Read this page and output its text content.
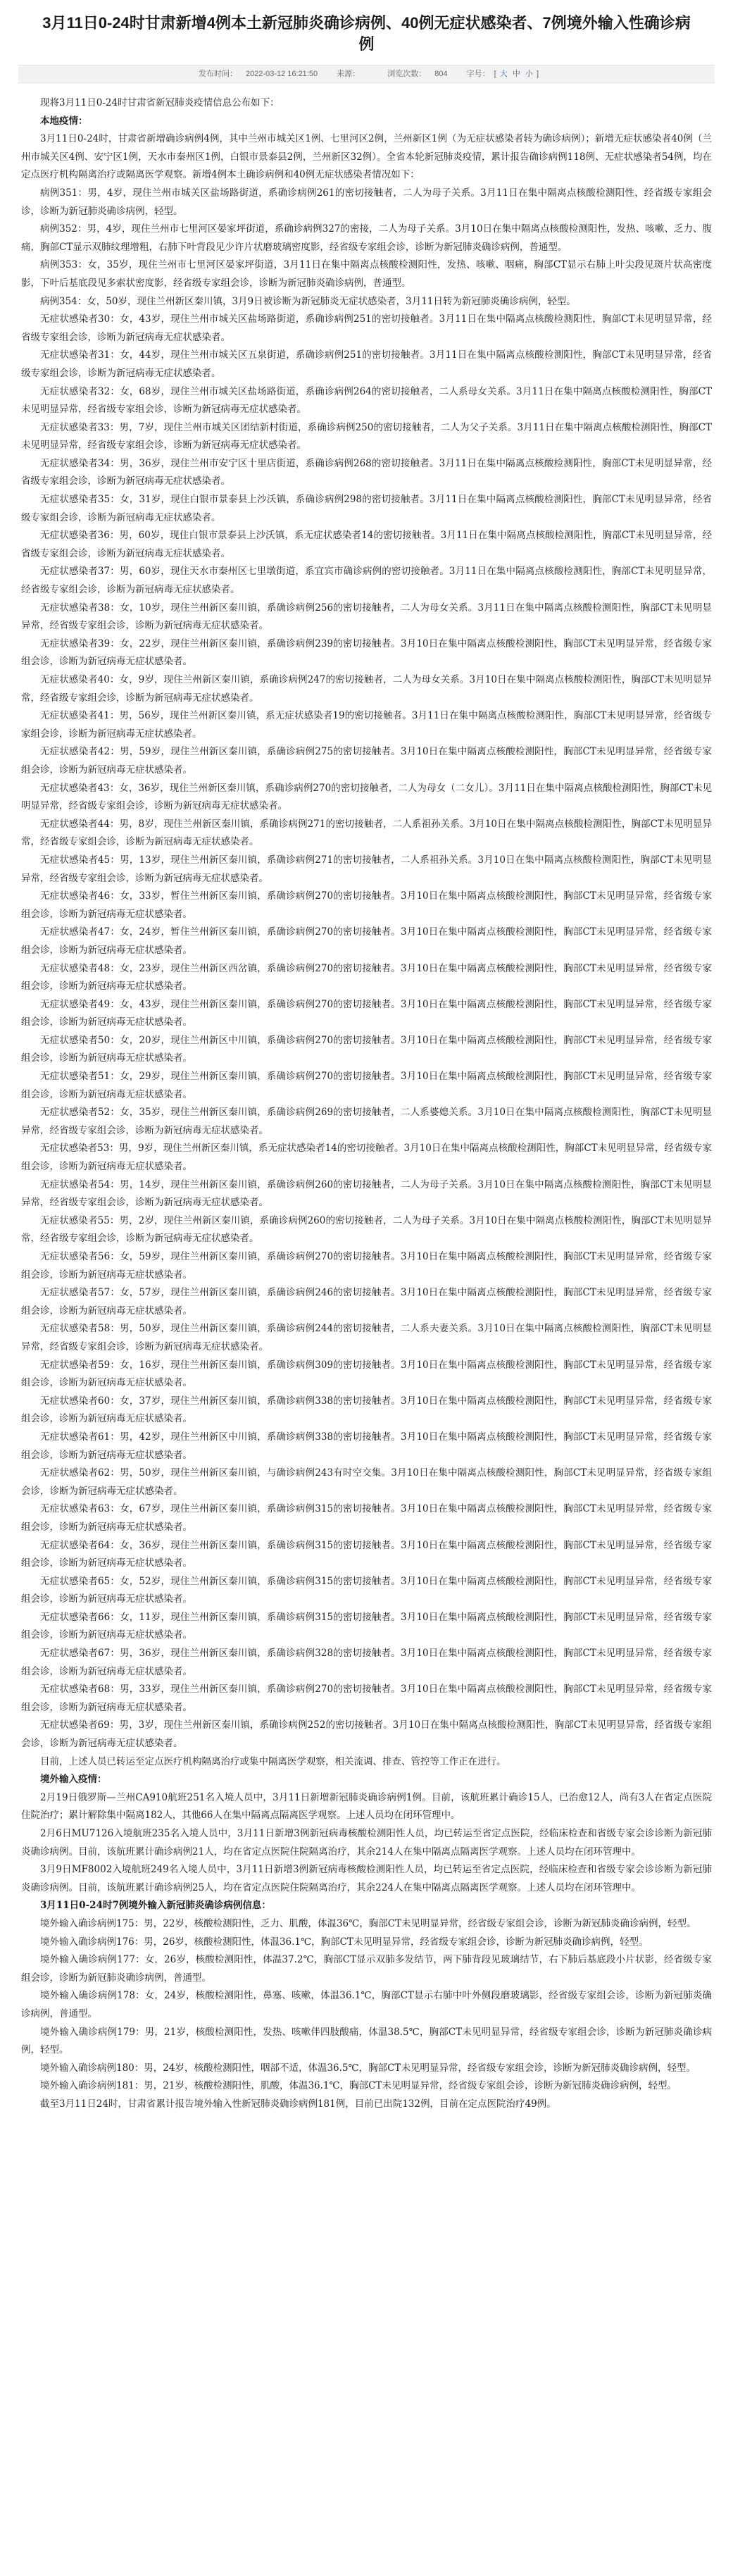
3月11日0-24时甘肃新增4例本土新冠肺炎确诊病例、40例无症状感染者、7例境外输入性确诊病例
发布时间： 2022-03-12 16:21:50 来源：	浏览次数： 804 字号： [ 大 中 小 ]

现将3月11日0-24时甘肃省新冠肺炎疫情信息公布如下：

本地疫情：

3月11日0-24时，甘肃省新增确诊病例4例，其中兰州市城关区1例、七里河区2例，兰州新区1例（为无症状感染者转为确诊病例）；新增无症状感染者40例（兰州市城关区4例、安宁区1例，天水市秦州区1例，白银市景泰县2例，兰州新区32例）。全省本轮新冠肺炎疫情，累计报告确诊病例118例、无症状感染者54例，均在定点医疗机构隔离治疗或隔离医学观察。新增4例本土确诊病例和40例无症状感染者情况如下：

病例351：男，4岁，现住兰州市城关区盐场路街道，系确诊病例261的密切接触者，二人为母子关系。3月11日在集中隔离点核酸检测阳性，经省级专家组会诊，诊断为新冠肺炎确诊病例，轻型。

病例352：男，4岁，现住兰州市七里河区晏家坪街道，系确诊病例327的密接，二人为母子关系。3月10日在集中隔离点核酸检测阳性，发热、咳嗽、乏力、腹痛，胸部CT显示双肺纹理增粗，右肺下叶背段见少许片状磨玻璃密度影，经省级专家组会诊，诊断为新冠肺炎确诊病例，普通型。

病例353：女，35岁，现住兰州市七里河区晏家坪街道，3月11日在集中隔离点核酸检测阳性，发热、咳嗽、咽痛，胸部CT显示右肺上叶尖段见斑片状高密度影，下叶后基底段见多索状密度影，经省级专家组会诊，诊断为新冠肺炎确诊病例，普通型。

病例354：女，50岁，现住兰州新区秦川镇，3月9日被诊断为新冠肺炎无症状感染者，3月11日转为新冠肺炎确诊病例，轻型。

无症状感染者30：女，43岁，现住兰州市城关区盐场路街道，系确诊病例251的密切接触者。3月11日在集中隔离点核酸检测阳性，胸部CT未见明显异常，经省级专家组会诊，诊断为新冠病毒无症状感染者。

无症状感染者31：女，44岁，现住兰州市城关区五泉街道，系确诊病例251的密切接触者。3月11日在集中隔离点核酸检测阳性，胸部CT未见明显异常，经省级专家组会诊，诊断为新冠病毒无症状感染者。

无症状感染者32：女，68岁，现住兰州市城关区盐场路街道，系确诊病例264的密切接触者，二人系母女关系。3月11日在集中隔离点核酸检测阳性，胸部CT未见明显异常，经省级专家组会诊，诊断为新冠病毒无症状感染者。

无症状感染者33：男，7岁，现住兰州市城关区团结新村街道，系确诊病例250的密切接触者，二人为父子关系。3月11日在集中隔离点核酸检测阳性，胸部CT未见明显异常，经省级专家组会诊，诊断为新冠病毒无症状感染者。

无症状感染者34：男，36岁，现住兰州市安宁区十里店街道，系确诊病例268的密切接触者。3月11日在集中隔离点核酸检测阳性，胸部CT未见明显异常，经省级专家组会诊，诊断为新冠病毒无症状感染者。

无症状感染者35：女，31岁，现住白银市景泰县上沙沃镇，系确诊病例298的密切接触者。3月11日在集中隔离点核酸检测阳性，胸部CT未见明显异常，经省级专家组会诊，诊断为新冠病毒无症状感染者。

无症状感染者36：男，60岁，现住白银市景泰县上沙沃镇，系无症状感染者14的密切接触者。3月11日在集中隔离点核酸检测阳性，胸部CT未见明显异常，经省级专家组会诊，诊断为新冠病毒无症状感染者。

无症状感染者37：男，60岁，现住天水市秦州区七里墩街道，系宜宾市确诊病例的密切接触者。3月11日在集中隔离点核酸检测阳性，胸部CT未见明显异常，经省级专家组会诊，诊断为新冠病毒无症状感染者。

无症状感染者38：女，10岁，现住兰州新区秦川镇，系确诊病例256的密切接触者，二人为母女关系。3月11日在集中隔离点核酸检测阳性，胸部CT未见明显异常，经省级专家组会诊，诊断为新冠病毒无症状感染者。

无症状感染者39：女，22岁，现住兰州新区秦川镇，系确诊病例239的密切接触者。3月10日在集中隔离点核酸检测阳性，胸部CT未见明显异常，经省级专家组会诊，诊断为新冠病毒无症状感染者。

无症状感染者40：女，9岁，现住兰州新区秦川镇，系确诊病例247的密切接触者，二人为母女关系。3月10日在集中隔离点核酸检测阳性，胸部CT未见明显异常，经省级专家组会诊，诊断为新冠病毒无症状感染者。

无症状感染者41：男，56岁，现住兰州新区秦川镇，系无症状感染者19的密切接触者。3月11日在集中隔离点核酸检测阳性，胸部CT未见明显异常，经省级专家组会诊，诊断为新冠病毒无症状感染者。

无症状感染者42：男，59岁，现住兰州新区秦川镇，系确诊病例275的密切接触者。3月10日在集中隔离点核酸检测阳性，胸部CT未见明显异常，经省级专家组会诊，诊断为新冠病毒无症状感染者。

无症状感染者43：女，36岁，现住兰州新区秦川镇，系确诊病例270的密切接触者，二人为母女（二女儿）。3月11日在集中隔离点核酸检测阳性，胸部CT未见明显异常，经省级专家组会诊，诊断为新冠病毒无症状感染者。

无症状感染者44：男，8岁，现住兰州新区秦川镇，系确诊病例271的密切接触者，二人系祖孙关系。3月10日在集中隔离点核酸检测阳性，胸部CT未见明显异常，经省级专家组会诊，诊断为新冠病毒无症状感染者。

无症状感染者45：男，13岁，现住兰州新区秦川镇，系确诊病例271的密切接触者，二人系祖孙关系。3月10日在集中隔离点核酸检测阳性，胸部CT未见明显异常，经省级专家组会诊，诊断为新冠病毒无症状感染者。

无症状感染者46：女，33岁，暂住兰州新区秦川镇，系确诊病例270的密切接触者。3月10日在集中隔离点核酸检测阳性，胸部CT未见明显异常，经省级专家组会诊，诊断为新冠病毒无症状感染者。

无症状感染者47：女，24岁，暂住兰州新区秦川镇，系确诊病例270的密切接触者。3月10日在集中隔离点核酸检测阳性，胸部CT未见明显异常，经省级专家组会诊，诊断为新冠病毒无症状感染者。

无症状感染者48：女，23岁，现住兰州新区西岔镇，系确诊病例270的密切接触者。3月10日在集中隔离点核酸检测阳性，胸部CT未见明显异常，经省级专家组会诊，诊断为新冠病毒无症状感染者。

无症状感染者49：女，43岁，现住兰州新区秦川镇，系确诊病例270的密切接触者。3月10日在集中隔离点核酸检测阳性，胸部CT未见明显异常，经省级专家组会诊，诊断为新冠病毒无症状感染者。

无症状感染者50：女，20岁，现住兰州新区中川镇，系确诊病例270的密切接触者。3月10日在集中隔离点核酸检测阳性，胸部CT未见明显异常，经省级专家组会诊，诊断为新冠病毒无症状感染者。

无症状感染者51：女，29岁，现住兰州新区秦川镇，系确诊病例270的密切接触者。3月10日在集中隔离点核酸检测阳性，胸部CT未见明显异常，经省级专家组会诊，诊断为新冠病毒无症状感染者。

无症状感染者52：女，35岁，现住兰州新区秦川镇，系确诊病例269的密切接触者，二人系婆媳关系。3月10日在集中隔离点核酸检测阳性，胸部CT未见明显异常，经省级专家组会诊，诊断为新冠病毒无症状感染者。

无症状感染者53：男，9岁，现住兰州新区秦川镇，系无症状感染者14的密切接触者。3月10日在集中隔离点核酸检测阳性，胸部CT未见明显异常，经省级专家组会诊，诊断为新冠病毒无症状感染者。

无症状感染者54：男，14岁，现住兰州新区秦川镇，系确诊病例260的密切接触者，二人为母子关系。3月10日在集中隔离点核酸检测阳性，胸部CT未见明显异常，经省级专家组会诊，诊断为新冠病毒无症状感染者。

无症状感染者55：男，2岁，现住兰州新区秦川镇，系确诊病例260的密切接触者，二人为母子关系。3月10日在集中隔离点核酸检测阳性，胸部CT未见明显异常，经省级专家组会诊，诊断为新冠病毒无症状感染者。

无症状感染者56：女，59岁，现住兰州新区秦川镇，系确诊病例270的密切接触者。3月10日在集中隔离点核酸检测阳性，胸部CT未见明显异常，经省级专家组会诊，诊断为新冠病毒无症状感染者。

无症状感染者57：女，57岁，现住兰州新区秦川镇，系确诊病例246的密切接触者。3月10日在集中隔离点核酸检测阳性，胸部CT未见明显异常，经省级专家组会诊，诊断为新冠病毒无症状感染者。

无症状感染者58：男，50岁，现住兰州新区秦川镇，系确诊病例244的密切接触者，二人系夫妻关系。3月10日在集中隔离点核酸检测阳性，胸部CT未见明显异常，经省级专家组会诊，诊断为新冠病毒无症状感染者。

无症状感染者59：女，16岁，现住兰州新区秦川镇，系确诊病例309的密切接触者。3月10日在集中隔离点核酸检测阳性，胸部CT未见明显异常，经省级专家组会诊，诊断为新冠病毒无症状感染者。

无症状感染者60：女，37岁，现住兰州新区秦川镇，系确诊病例338的密切接触者。3月10日在集中隔离点核酸检测阳性，胸部CT未见明显异常，经省级专家组会诊，诊断为新冠病毒无症状感染者。

无症状感染者61：男，42岁，现住兰州新区中川镇，系确诊病例338的密切接触者。3月10日在集中隔离点核酸检测阳性，胸部CT未见明显异常，经省级专家组会诊，诊断为新冠病毒无症状感染者。

无症状感染者62：男，50岁，现住兰州新区秦川镇，与确诊病例243有时空交集。3月10日在集中隔离点核酸检测阳性，胸部CT未见明显异常，经省级专家组会诊，诊断为新冠病毒无症状感染者。

无症状感染者63：女，67岁，现住兰州新区秦川镇，系确诊病例315的密切接触者。3月10日在集中隔离点核酸检测阳性，胸部CT未见明显异常，经省级专家组会诊，诊断为新冠病毒无症状感染者。

无症状感染者64：女，36岁，现住兰州新区秦川镇，系确诊病例315的密切接触者。3月10日在集中隔离点核酸检测阳性，胸部CT未见明显异常，经省级专家组会诊，诊断为新冠病毒无症状感染者。

无症状感染者65：女，52岁，现住兰州新区秦川镇，系确诊病例315的密切接触者。3月10日在集中隔离点核酸检测阳性，胸部CT未见明显异常，经省级专家组会诊，诊断为新冠病毒无症状感染者。

无症状感染者66：女，11岁，现住兰州新区秦川镇，系确诊病例315的密切接触者。3月10日在集中隔离点核酸检测阳性，胸部CT未见明显异常，经省级专家组会诊，诊断为新冠病毒无症状感染者。

无症状感染者67：男，36岁，现住兰州新区秦川镇，系确诊病例328的密切接触者。3月10日在集中隔离点核酸检测阳性，胸部CT未见明显异常，经省级专家组会诊，诊断为新冠病毒无症状感染者。

无症状感染者68：男，33岁，现住兰州新区秦川镇，系确诊病例270的密切接触者。3月10日在集中隔离点核酸检测阳性，胸部CT未见明显异常，经省级专家组会诊，诊断为新冠病毒无症状感染者。

无症状感染者69：男，3岁，现住兰州新区秦川镇，系确诊病例252的密切接触者。3月10日在集中隔离点核酸检测阳性，胸部CT未见明显异常，经省级专家组会诊，诊断为新冠病毒无症状感染者。

目前，上述人员已转运至定点医疗机构隔离治疗或集中隔离医学观察，相关流调、排查、管控等工作正在进行。

境外输入疫情：

2月19日俄罗斯—兰州CA910航班251名入境人员中，3月11日新增新冠肺炎确诊病例1例。目前，该航班累计确诊15人，已治愈12人，尚有3人在省定点医院住院治疗；累计解除集中隔离182人，其他66人在集中隔离点隔离医学观察。上述人员均在闭环管理中。

2月6日MU7126入境航班235名入境人员中，3月11日新增3例新冠病毒核酸检测阳性人员，均已转运至省定点医院，经临床检查和省级专家会诊诊断为新冠肺炎确诊病例。目前，该航班累计确诊病例21人，均在省定点医院住院隔离治疗，其余214人在集中隔离点隔离医学观察。上述人员均在闭环管理中。

3月9日MF8002入境航班249名入境人员中，3月11日新增3例新冠病毒核酸检测阳性人员，均已转运至省定点医院，经临床检查和省级专家会诊诊断为新冠肺炎确诊病例。目前，该航班累计确诊病例25人，均在省定点医院住院隔离治疗，其余224人在集中隔离点隔离医学观察。上述人员均在闭环管理中。

3月11日0-24时7例境外输入新冠肺炎确诊病例信息：

境外输入确诊病例175：男，22岁，核酸检测阳性，乏力、肌酸，体温36℃，胸部CT未见明显异常，经省级专家组会诊，诊断为新冠肺炎确诊病例，轻型。

境外输入确诊病例176：男，26岁，核酸检测阳性，体温36.1℃，胸部CT未见明显异常，经省级专家组会诊，诊断为新冠肺炎确诊病例，轻型。

境外输入确诊病例177：女，26岁，核酸检测阳性，体温37.2℃，胸部CT显示双肺多发结节，两下肺背段见玻璃结节，右下肺后基底段小片状影，经省级专家组会诊，诊断为新冠肺炎确诊病例，普通型。

境外输入确诊病例178：女，24岁，核酸检测阳性，鼻塞、咳嗽，体温36.1℃，胸部CT显示右肺中叶外侧段磨玻璃影，经省级专家组会诊，诊断为新冠肺炎确诊病例，普通型。

境外输入确诊病例179：男，21岁，核酸检测阳性，发热、咳嗽伴四肢酸痛，体温38.5℃，胸部CT未见明显异常，经省级专家组会诊，诊断为新冠肺炎确诊病例，轻型。

境外输入确诊病例180：男，24岁，核酸检测阳性，咽部不适，体温36.5℃，胸部CT未见明显异常，经省级专家组会诊，诊断为新冠肺炎确诊病例，轻型。

境外输入确诊病例181：男，21岁，核酸检测阳性，肌酸，体温36.1℃，胸部CT未见明显异常，经省级专家组会诊，诊断为新冠肺炎确诊病例，轻型。

截至3月11日24时，甘肃省累计报告境外输入性新冠肺炎确诊病例181例，目前已出院132例，目前在定点医院治疗49例。
